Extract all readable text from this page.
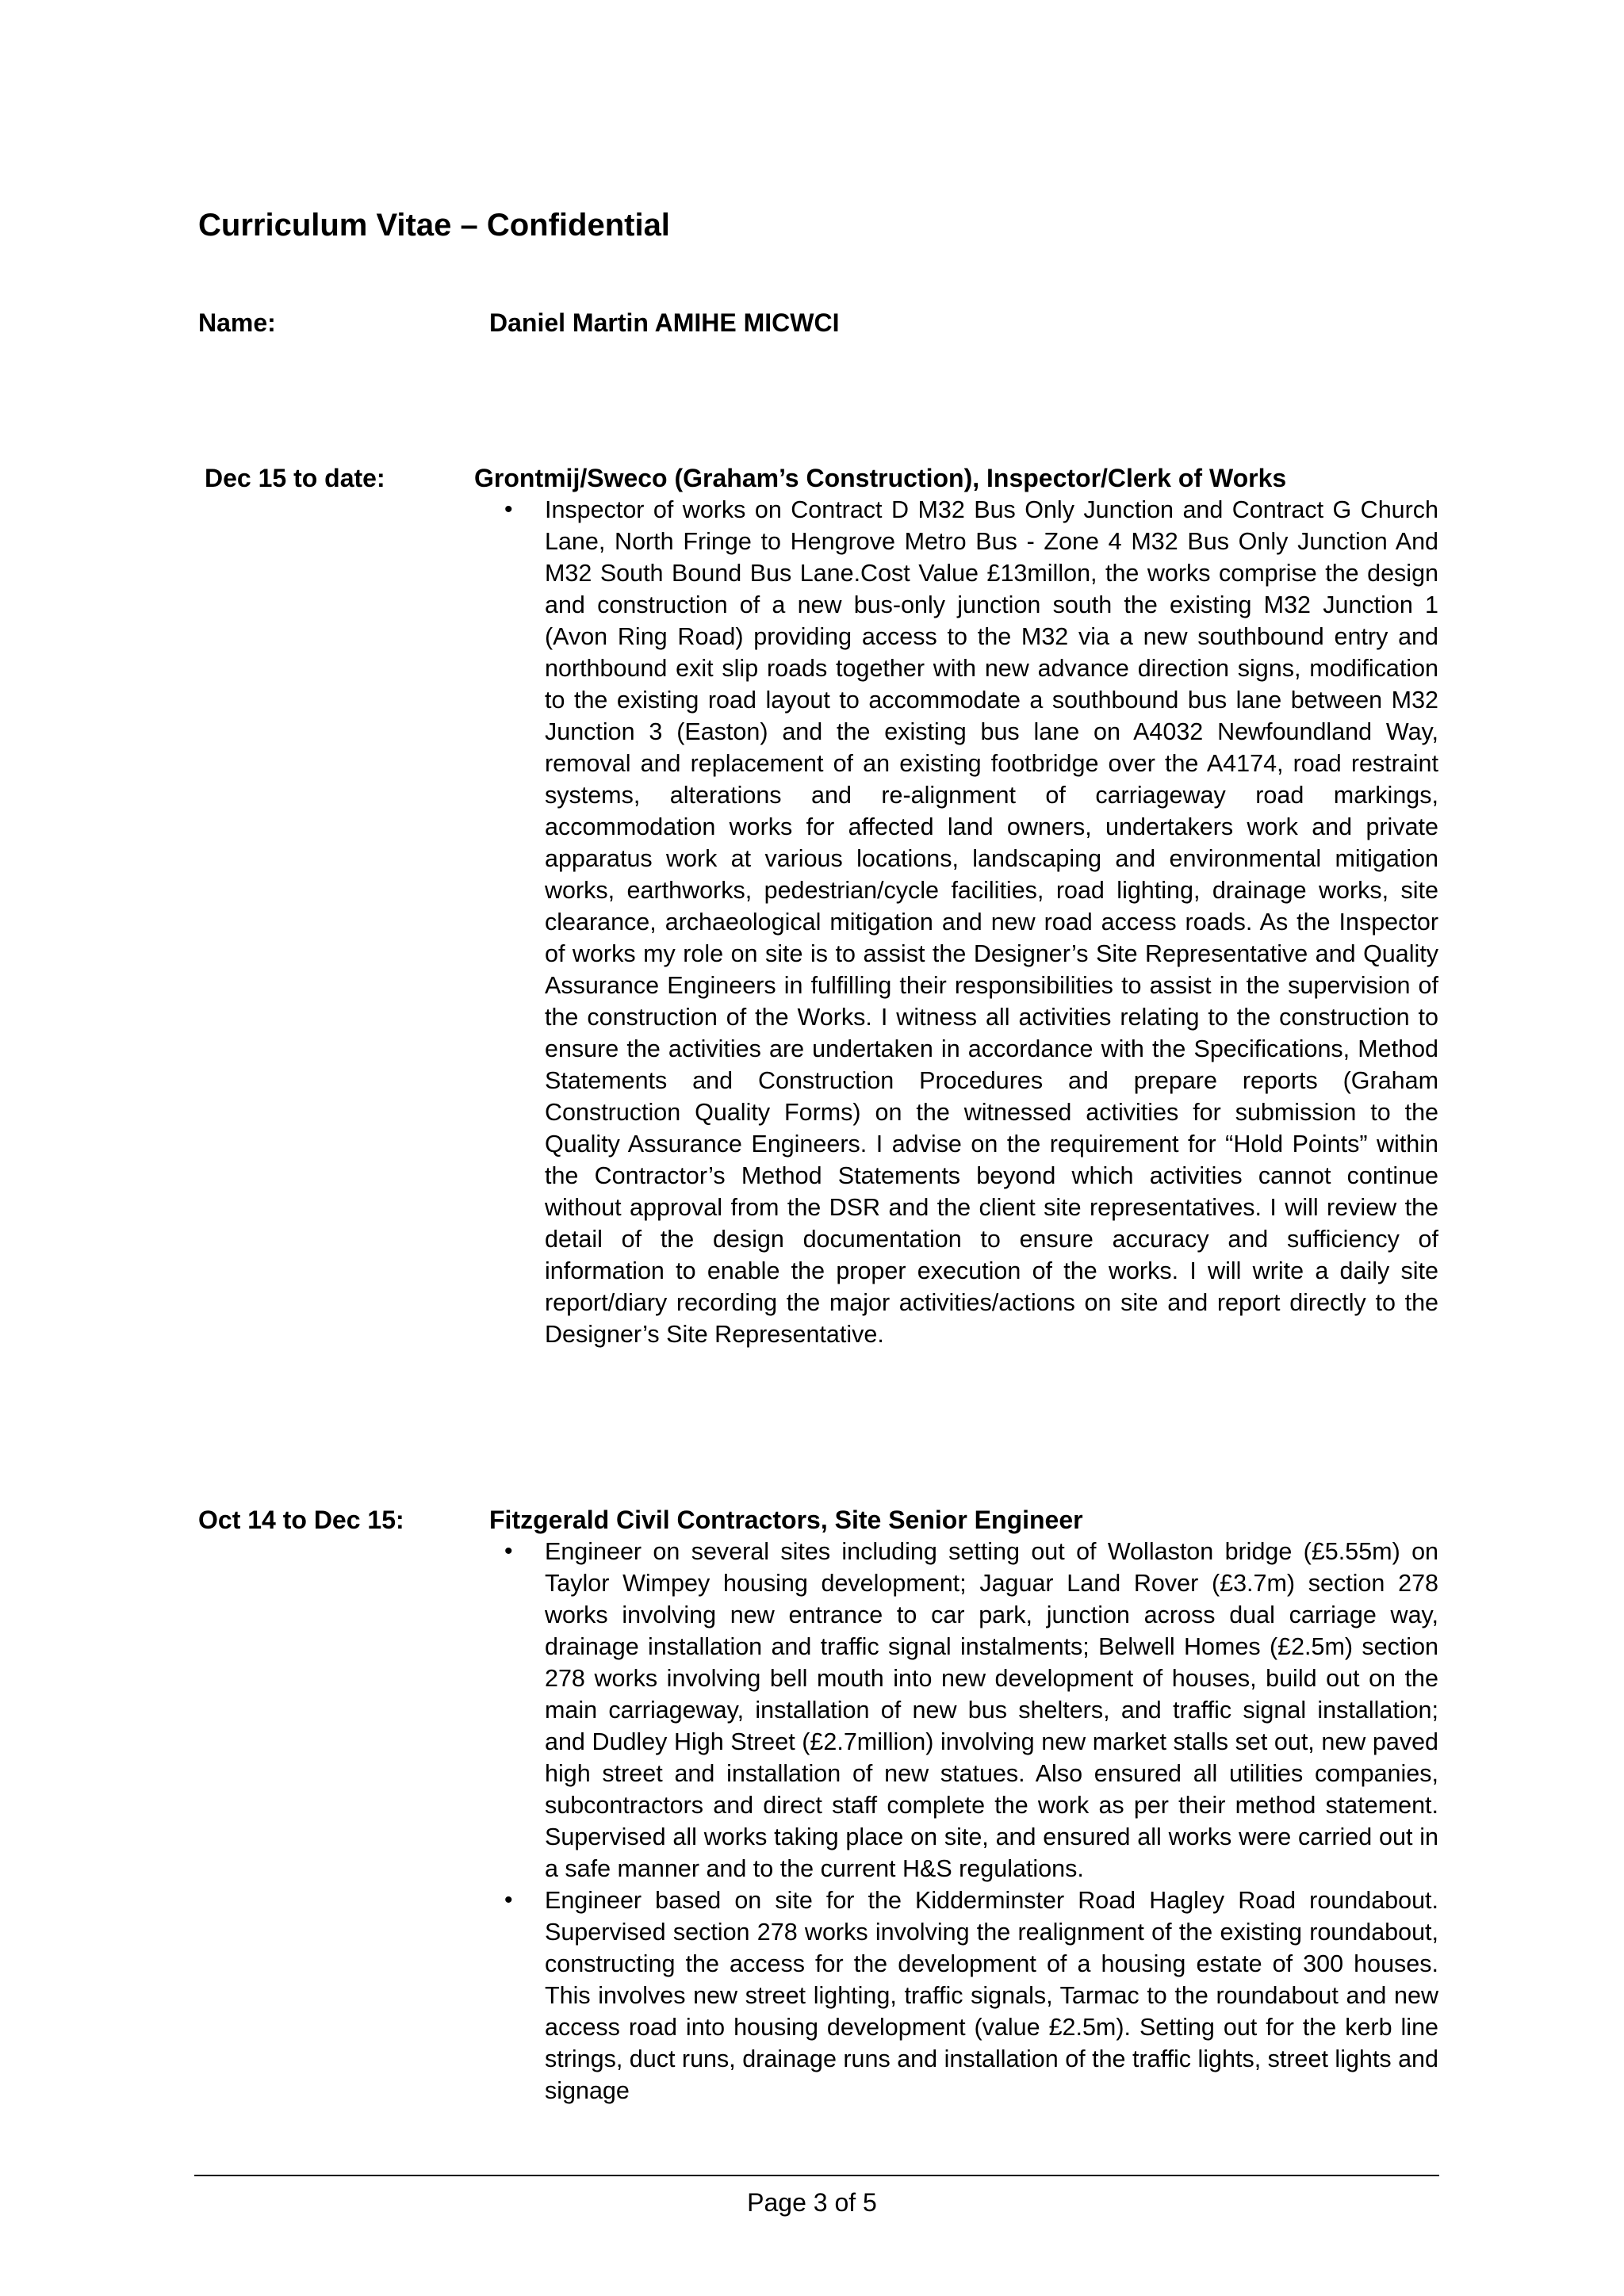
Curriculum Vitae – Confidential
Name:	Daniel Martin AMIHE MICWCI
Dec 15 to date:	Grontmij/Sweco (Graham’s Construction), Inspector/Clerk of Works
• Inspector of works on Contract D M32 Bus Only Junction and Contract G Church Lane, North Fringe to Hengrove Metro Bus - Zone 4 M32 Bus Only Junction And M32 South Bound Bus Lane.Cost Value £13millon, the works comprise the design and construction of a new bus-only junction south the existing M32 Junction 1 (Avon Ring Road) providing access to the M32 via a new southbound entry and northbound exit slip roads together with new advance direction signs, modification to the existing road layout to accommodate a southbound bus lane between M32 Junction 3 (Easton) and the existing bus lane on A4032 Newfoundland Way, removal and replacement of an existing footbridge over the A4174, road restraint systems, alterations and re-alignment of carriageway road markings, accommodation works for affected land owners, undertakers work and private apparatus work at various locations, landscaping and environmental mitigation works, earthworks, pedestrian/cycle facilities, road lighting, drainage works, site clearance, archaeological mitigation and new road access roads. As the Inspector of works my role on site is to assist the Designer’s Site Representative and Quality Assurance Engineers in fulfilling their responsibilities to assist in the supervision of the construction of the Works. I witness all activities relating to the construction to ensure the activities are undertaken in accordance with the Specifications, Method Statements and Construction Procedures and prepare reports (Graham Construction Quality Forms) on the witnessed activities for submission to the Quality Assurance Engineers. I advise on the requirement for “Hold Points” within the Contractor’s Method Statements beyond which activities cannot continue without approval from the DSR and the client site representatives. I will review the detail of the design documentation to ensure accuracy and sufficiency of information to enable the proper execution of the works. I will write a daily site report/diary recording the major activities/actions on site and report directly to the Designer’s Site Representative.
Oct 14 to Dec 15:	Fitzgerald Civil Contractors, Site Senior Engineer
• Engineer on several sites including setting out of Wollaston bridge (£5.55m) on Taylor Wimpey housing development; Jaguar Land Rover (£3.7m) section 278 works involving new entrance to car park, junction across dual carriage way, drainage installation and traffic signal instalments; Belwell Homes (£2.5m) section 278 works involving bell mouth into new development of houses, build out on the main carriageway, installation of new bus shelters, and traffic signal installation; and Dudley High Street (£2.7million) involving new market stalls set out, new paved high street and installation of new statues. Also ensured all utilities companies, subcontractors and direct staff complete the work as per their method statement. Supervised all works taking place on site, and ensured all works were carried out in a safe manner and to the current H&S regulations.
• Engineer based on site for the Kidderminster Road Hagley Road roundabout. Supervised section 278 works involving the realignment of the existing roundabout, constructing the access for the development of a housing estate of 300 houses. This involves new street lighting, traffic signals, Tarmac to the roundabout and new access road into housing development (value £2.5m). Setting out for the kerb line strings, duct runs, drainage runs and installation of the traffic lights, street lights and signage
Page 3 of 5
